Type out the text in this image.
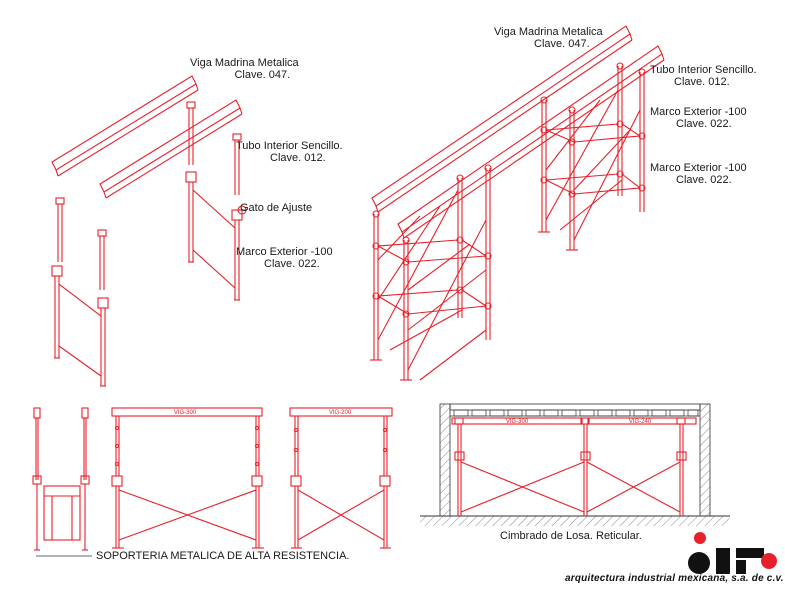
VIG-300	VIG-200
VIG-300	VIG-240
Viga Madrina Metalica
Clave. 047.
Tubo Interior Sencillo.
Clave. 012.
Gato de Ajuste
Marco Exterior -100
Clave. 022.
Viga Madrina Metalica
Clave. 047.
Tubo Interior Sencillo.
Clave. 012.
Marco Exterior -100
Clave. 022.
Marco Exterior -100
Clave. 022.
SOPORTERIA METALICA DE ALTA RESISTENCIA.
Cimbrado de Losa. Reticular.
arquitectura industrial mexicana, s.a. de c.v.
